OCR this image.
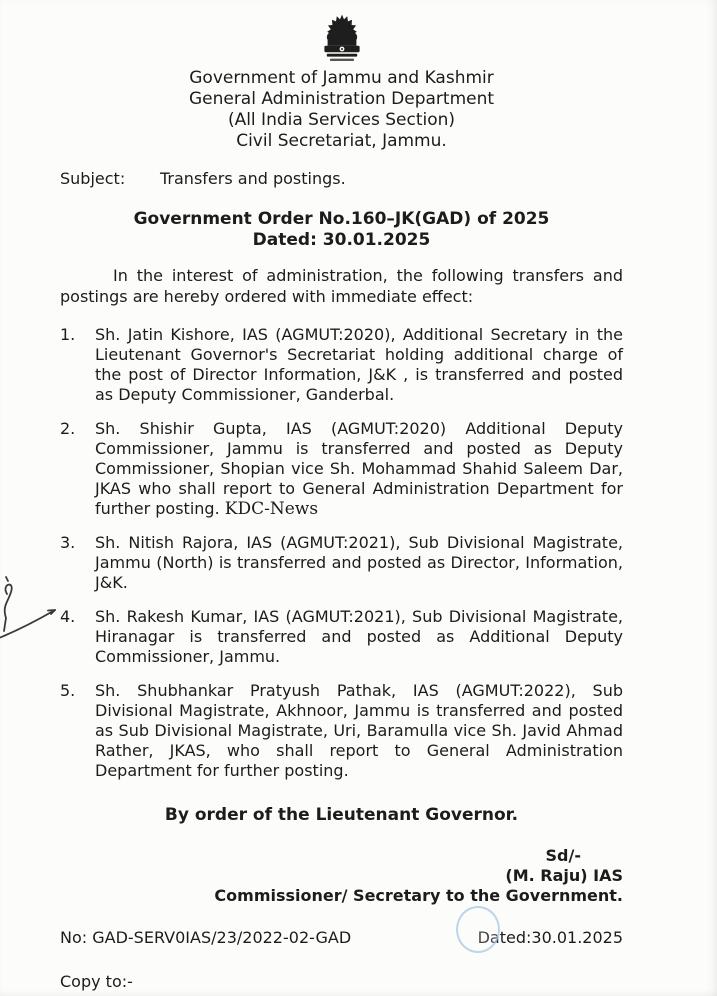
Government of Jammu and Kashmir

General Administration Department

(All India Services Section)

Civil Secretariat, Jammu.

Subject:	Transfers and postings.

Government Order No.160–JK(GAD) of 2025

Dated: 30.01.2025

In the interest of administration, the following transfers and postings are hereby ordered with immediate effect:

1. Sh. Jatin Kishore, IAS (AGMUT:2020), Additional Secretary in the Lieutenant Governor's Secretariat holding additional charge of the post of Director Information, J&K , is transferred and posted as Deputy Commissioner, Ganderbal.
2. Sh. Shishir Gupta, IAS (AGMUT:2020) Additional Deputy Commissioner, Jammu is transferred and posted as Deputy Commissioner, Shopian vice Sh. Mohammad Shahid Saleem Dar, JKAS who shall report to General Administration Department for further posting. KDC-News
3. Sh. Nitish Rajora, IAS (AGMUT:2021), Sub Divisional Magistrate, Jammu (North) is transferred and posted as Director, Information, J&K.
4. Sh. Rakesh Kumar, IAS (AGMUT:2021), Sub Divisional Magistrate, Hiranagar is transferred and posted as Additional Deputy Commissioner, Jammu.
5. Sh. Shubhankar Pratyush Pathak, IAS (AGMUT:2022), Sub Divisional Magistrate, Akhnoor, Jammu is transferred and posted as Sub Divisional Magistrate, Uri, Baramulla vice Sh. Javid Ahmad Rather, JKAS, who shall report to General Administration Department for further posting.

By order of the Lieutenant Governor.

Sd/-
(M. Raju) IAS
Commissioner/ Secretary to the Government.
No: GAD-SERV0IAS/23/2022-02-GAD	Dated:30.01.2025

Copy to:-
